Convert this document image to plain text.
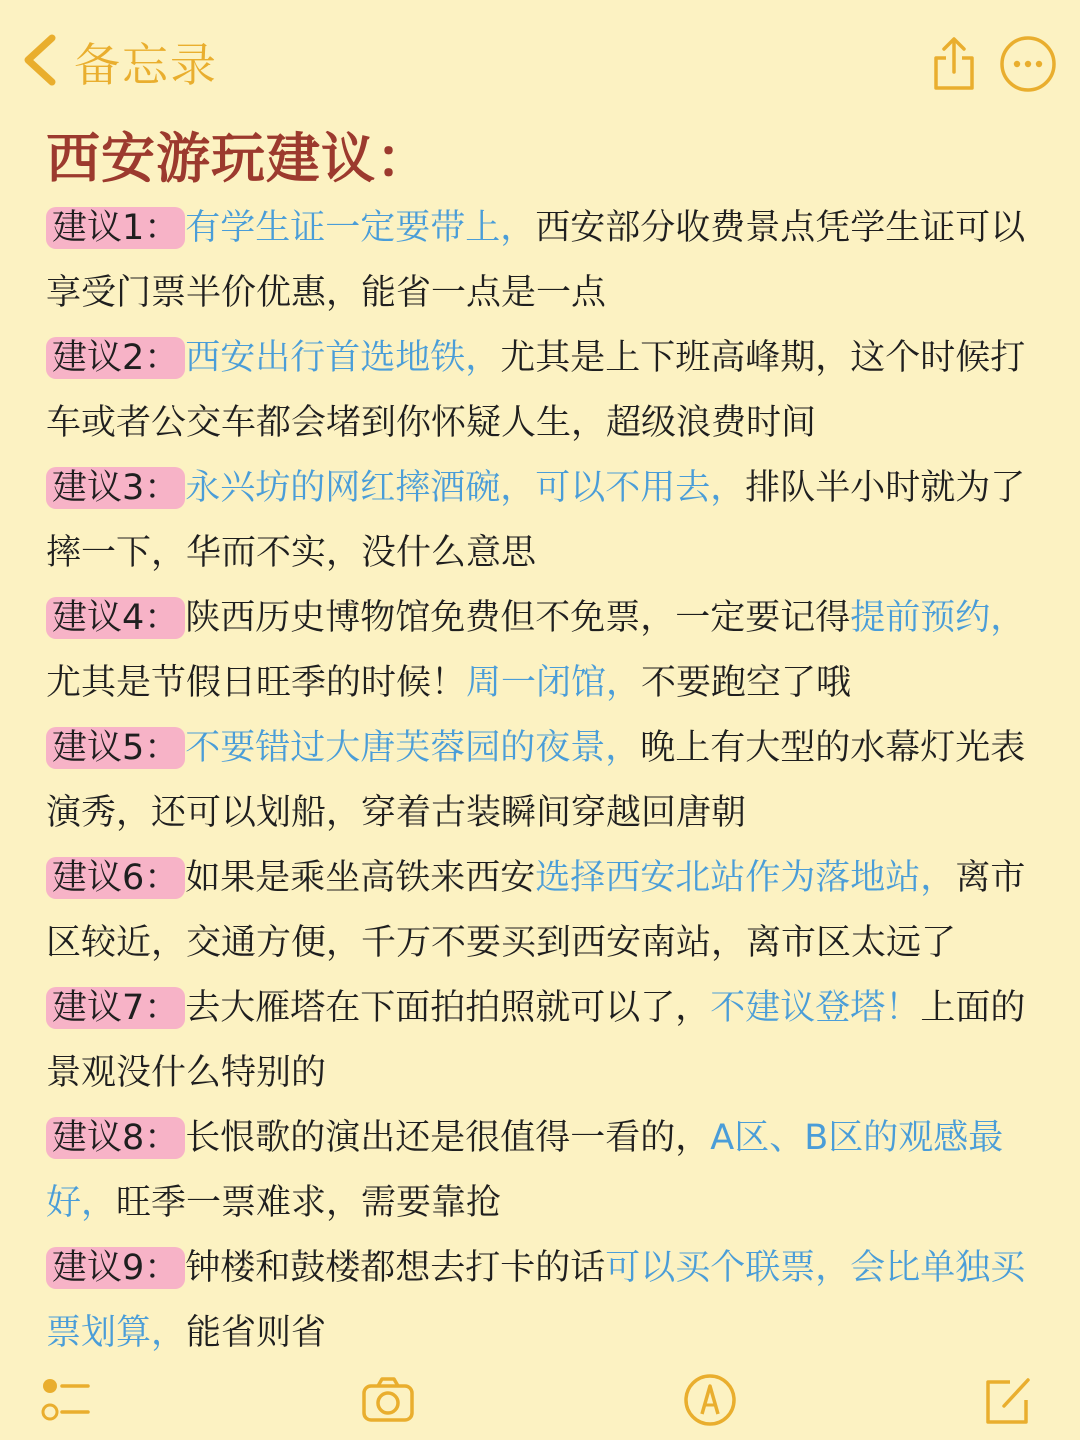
备忘录
西安游玩建议：

建议1： 有学生证一定要带上，西安部分收费景点凭学生证可以享受门票半价优惠，能省一点是一点

建议2： 西安出行首选地铁，尤其是上下班高峰期，这个时候打车或者公交车都会堵到你怀疑人生，超级浪费时间

建议3： 永兴坊的网红摔酒碗，可以不用去，排队半小时就为了摔一下，华而不实，没什么意思

建议4： 陕西历史博物馆免费但不免票，一定要记得提前预约，尤其是节假日旺季的时候！周一闭馆，不要跑空了哦

建议5： 不要错过大唐芙蓉园的夜景，晚上有大型的水幕灯光表演秀，还可以划船，穿着古装瞬间穿越回唐朝

建议6： 如果是乘坐高铁来西安选择西安北站作为落地站，离市区较近，交通方便，千万不要买到西安南站，离市区太远了

建议7： 去大雁塔在下面拍拍照就可以了，不建议登塔！上面的景观没什么特别的

建议8： 长恨歌的演出还是很值得一看的，A区、B区的观感最好，旺季一票难求，需要靠抢

建议9： 钟楼和鼓楼都想去打卡的话可以买个联票，会比单独买票划算，能省则省
